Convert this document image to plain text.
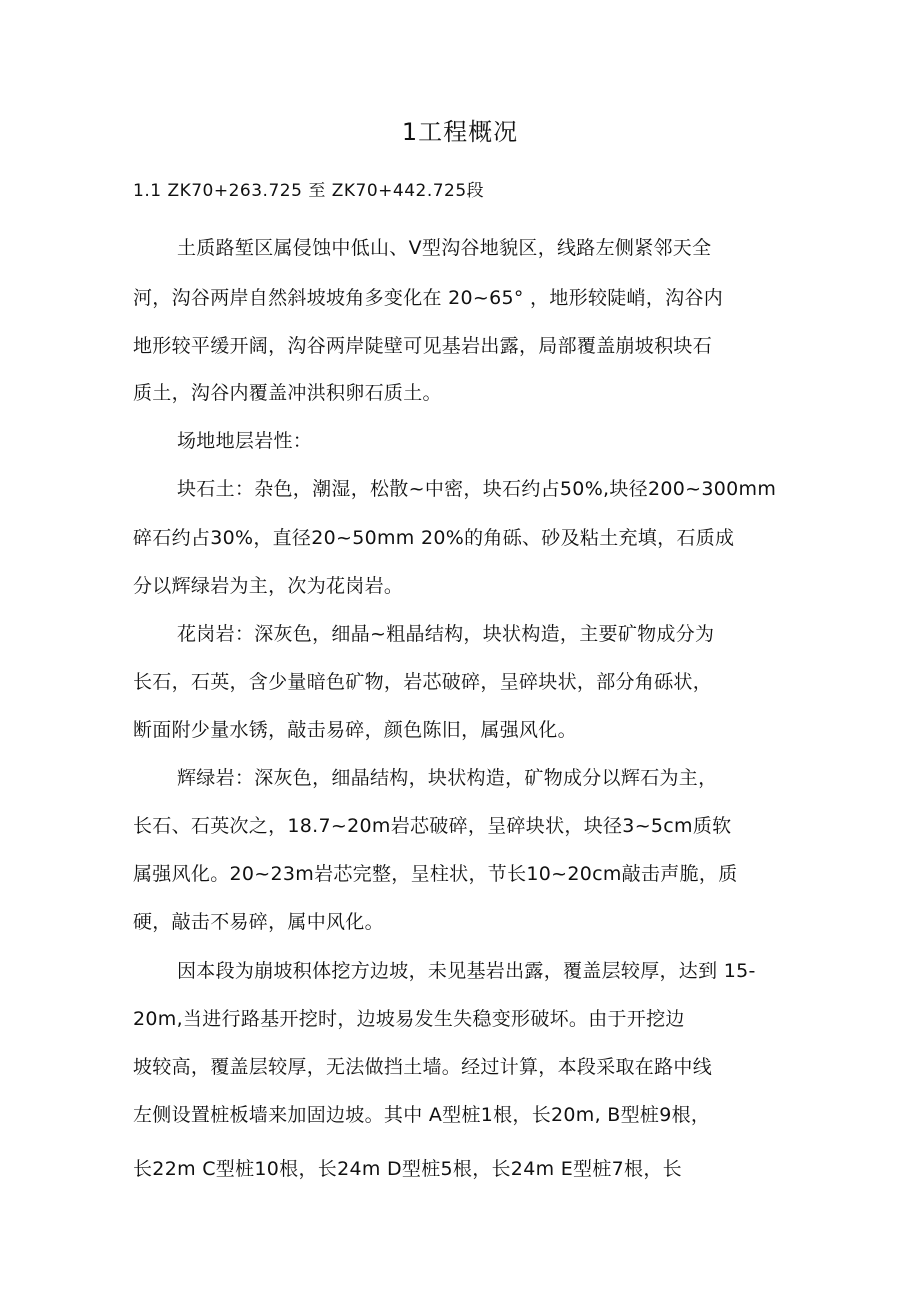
1工程概况
1.1 ZK70+263.725 至 ZK70+442.725段
土质路堑区属侵蚀中低山、V型沟谷地貌区，线路左侧紧邻天全
河，沟谷两岸自然斜坡坡角多变化在 20~65° ，地形较陡峭，沟谷内
地形较平缓开阔，沟谷两岸陡壁可见基岩出露，局部覆盖崩坡积块石
质土，沟谷内覆盖冲洪积卵石质土。
场地地层岩性：
块石土：杂色，潮湿，松散~中密，块石约占50%,块径200~300mm
碎石约占30%，直径20~50mm 20%的角砾、砂及粘土充填，石质成
分以辉绿岩为主，次为花岗岩。
花岗岩：深灰色，细晶~粗晶结构，块状构造，主要矿物成分为
长石，石英，含少量暗色矿物，岩芯破碎，呈碎块状，部分角砾状，
断面附少量水锈，敲击易碎，颜色陈旧，属强风化。
辉绿岩：深灰色，细晶结构，块状构造，矿物成分以辉石为主，
长石、石英次之，18.7~20m岩芯破碎，呈碎块状，块径3~5cm质软
属强风化。20~23m岩芯完整，呈柱状，节长10~20cm敲击声脆，质
硬，敲击不易碎，属中风化。
因本段为崩坡积体挖方边坡，未见基岩出露，覆盖层较厚，达到 15-
20m,当进行路基开挖时，边坡易发生失稳变形破坏。由于开挖边
坡较高，覆盖层较厚，无法做挡土墙。经过计算，本段采取在路中线
左侧设置桩板墙来加固边坡。其中 A型桩1根，长20m, B型桩9根，
长22m C型桩10根，长24m D型桩5根，长24m E型桩7根，长
